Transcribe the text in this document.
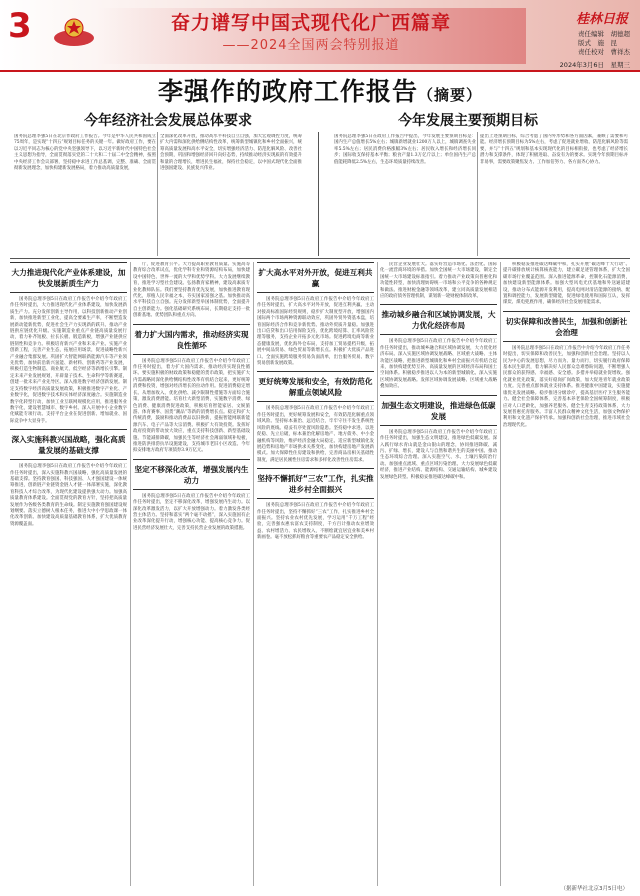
3	奋力谱写中国式现代化广西篇章
——2024全国两会特别报道
桂林日报
责任编辑　胡德超
版式　施　昆
责任校对　曹祥杰
2024年3月6日　星期三
李强作的政府工作报告（摘要）
今年经济社会发展总体要求	今年发展主要预期目标
国务院总理李强5日在北京作政府工作报告。今年是中华人民共和国成立75周年，是实现“十四五”规划目标任务的关键一年。做好政府工作，要在以习近平同志为核心的党中央坚强领导下，以习近平新时代中国特色社会主义思想为指导，全面贯彻落实党的二十大和二十届二中全会精神，按照中央经济工作会议部署，坚持稳中求进工作总基调，完整、准确、全面贯彻新发展理念，加快构建新发展格局，着力推动高质量发展，
全面深化改革开放，推动高水平科技自立自强，加大宏观调控力度，统筹扩大内需和深化供给侧结构性改革，统筹新型城镇化和乡村全面振兴，统筹高质量发展和高水平安全，切实增强经济活力、防范化解风险、改善社会预期，巩固和增强经济回升向好态势，持续推动经济实现质的有效提升和量的合理增长，增进民生福祉，保持社会稳定，以中国式现代化全面推进强国建设、民族复兴伟业。
国务院总理李强5日在政府工作报告中提出，今年发展主要预期目标是：国内生产总值增长5%左右；城镇新增就业1200万人以上，城镇调查失业率5.5%左右；居民消费价格涨幅3%左右；居民收入增长和经济增长同步；国际收支保持基本平衡；粮食产量1.3万亿斤以上；单位国内生产总值能耗降低2.5%左右，生态环境质量持续改善。
提出上述预期目标，综合考虑了国内外形势和各方面因素，兼顾了需要和可能。经济增长预期目标为5%左右，考虑了促进就业增收、防范化解风险等需要，并与“十四五”规划和基本实现现代化的目标相衔接，也考虑了经济增长潜力和支撑条件，体现了积极进取、奋发有为的要求。实现今年预期目标并非易事，需要政策聚焦发力、工作加倍努力、各方面齐心协力。
大力推进现代化产业体系建设，加快发展新质生产力
国务院总理李强5日在政府工作报告中介绍今年政府工作任务时提出，大力推进现代化产业体系建设，加快发展新质生产力。充分发挥创新主导作用，以科技创新推动产业创新，加快推进新型工业化，提高全要素生产率，不断塑造发展新动能新优势，促进社会生产力实现新的跃升。推动产业链供应链优化升级。实施制造业重点产业链高质量发展行动，着力补齐短板、拉长长板、锻造新板，增强产业链供应链韧性和竞争力。积极培育新兴产业和未来产业。实施产业创新工程，完善产业生态，拓展应用场景，促进战略性新兴产业融合集群发展。巩固扩大智能网联新能源汽车等产业领先优势，加快前沿新兴氢能、新材料、创新药等产业发展，积极打造生物制造、商业航天、低空经济等新增长引擎。制定未来产业发展规划，开辟量子技术、生命科学等新赛道，创建一批未来产业先导区。深入推进数字经济创新发展。制定支持数字经济高质量发展政策，积极推进数字产业化、产业数字化，促进数字技术和实体经济深度融合。实施制造业数字化转型行动，加快工业互联网规模化应用，推进服务业数字化，建设智慧城市、数字乡村。深入开展中小企业数字化赋能专项行动。支持平台企业在促进创新、增加就业、国际竞争中大显身手。
深入实施科教兴国战略，强化高质量发展的基础支撑
国务院总理李强5日在政府工作报告中介绍今年政府工作任务时提出，深入实施科教兴国战略，强化高质量发展的基础支撑。坚持教育强国、科技强国、人才强国建设一体统筹推进，创新链产业链资金链人才链一体部署实施，深化教育科技人才综合改革，为现代化建设提供强大动力。加强高质量教育体系建设。全面贯彻党的教育方针，坚持把高质量发展作为各级各类教育的生命线。制定实施教育强国建设规划纲要。落实立德树人根本任务，推进大中小学思政课一体化改革创新。加快建设高质量基础教育体系，扩大优质教育资源覆盖面。
厅，促进教育公平。大力提高职业教育质量。实施高等教育综合改革试点，优化学科专业和资源结构布局，加快建设中国特色、世界一流的大学和优势学科。大力发展继续教育，推进学习型社会建设。弘扬教育家精神，建设高素质专业化教师队伍。我们要坚持教育优先发展，加快推进教育现代化，厚植人民幸福之本，夯实国家富强之基。加快推动高水平科技自立自强。充分发挥新型举国体制优势，全面提升自主创新能力。强化基础研究系统布局，长期稳定支持一批创新基地、优势团队和重点方向。
着力扩大国内需求，推动经济实现良性循环
国务院总理李强5日在政府工作报告中介绍今年政府工作任务时提出，着力扩大国内需求，推动经济实现良性循环。要实施积极的财政政策和稳健的货币政策，把实施扩大内需战略同深化供给侧结构性改革有机结合起来，更好统筹消费和投资，增强对经济增长的拉动作用。促进消费稳定增长。从增加收入、优化供给、减少限制性措施等方面综合施策，激发消费潜能。培育壮大新型消费，实施数字消费、绿色消费、健康消费促进政策，积极培育智能家居、文娱旅游、体育赛事、国货“潮品”等新的消费增长点。稳定和扩大传统消费，鼓励和推动消费品以旧换新，提振智能网联新能源汽车、电子产品等大宗消费。积极扩大有效投资。发挥好政府投资的带动放大效应，重点支持科技创新、新型基础设施、节能减排降碳，加强民生等经济社会薄弱领域补短板，推进防洪排涝抗旱设施建设，支持城市老旧小区改造。今年拟安排地方政府专项债券3.9万亿元。
坚定不移深化改革，增强发展内生动力
国务院总理李强5日在政府工作报告中介绍今年政府工作任务时提出，坚定不移深化改革，增强发展内生动力。以深化改革激发活力，以扩大开放增强动力。着力激发各类经营主体活力。坚持和落实“两个毫不动摇”，深入实施国有企业改革深化提升行动，增强核心功能、提高核心竞争力。促进民营经济发展壮大，完善支持民营企业发展的政策措施。
扩大高水平对外开放，促进互利共赢
国务院总理李强5日在政府工作报告中介绍今年政府工作任务时提出，扩大高水平对外开放，促进互利共赢。主动对接高标准国际经贸规则，稳步扩大制度型开放，增强国内国际两个市场两种资源联动效应，巩固外贸外资基本盘，培育国际经济合作和竞争新优势。推动外贸质升量稳。加强进出口信贷和出口信用保险支持，优化跨境结算、汇率风险管理等服务，支持企业开拓多元化市场。促进跨境电商等新业态健康发展，优化海外仓布局，支持加工贸易提档升级，拓展中间品贸易、绿色贸易等新增长点。积极扩大优质产品进口。全面实施跨境服务贸易负面清单，出台服务贸易、数字贸易创新发展政策。
更好统筹发展和安全，有效防范化解重点领域风险
国务院总理李强5日在政府工作报告中介绍今年政府工作任务时提出，更好统筹发展和安全，有效防范化解重点领域风险。坚持标本兼治、远近结合，牢牢守住不发生系统性风险的底线。稳妥有序处置风险隐患。坚持稳中求进、以进促稳、先立后破，标本兼治化解房地产、地方债务、中小金融机构等风险，维护经济金融大局稳定。适应新型城镇化发展趋势和房地产市场供求关系变化，加快构建房地产发展新模式。加大保障性住房建设和供给，完善商品房相关基础性制度，满足居民刚性住房需求和多样化改善性住房需求。
坚持不懈抓好“三农”工作，扎实推进乡村全面振兴
国务院总理李强5日在政府工作报告中介绍今年政府工作任务时提出，坚持不懈抓好“三农”工作，扎实推进乡村全面振兴。坚持农业农村优先发展，学习运用“千万工程”经验，完善强农惠农富农支持制度，千方百计推动农业增效益、农村增活力、农民增收入，不断绘就宜居宜业和美乡村新画卷。毫不放松抓好粮食等重要农产品稳定安全供给。
民营企业发展壮大。落实好营造市场化、法治化、国际化一流营商环境的举措。加快全国统一大市场建设，制定全国统一大市场建设标准指引。着力推动产业政策向普惠化和功能性转型，加快清理妨碍统一市场和公平竞争的各种规定和做法。推进财税金融等领域改革，建立同高质量发展相适应的政府债务管理机制，谋划新一轮财税体制改革。
推动城乡融合和区域协调发展，大力优化经济布局
国务院总理李强5日在政府工作报告中介绍今年政府工作任务时提出，推动城乡融合和区域协调发展，大力优化经济布局。深入实施区域协调发展战略、区域重大战略、主体功能区战略，把推进新型城镇化和乡村全面振兴有机结合起来，加快构建优势互补、高质量发展的区域经济布局和国土空间体系。积极稳步推进以人为本的新型城镇化。深入实施区域协调发展战略。发挥区域协调发展战略、区域重大战略叠加效应。
加强生态文明建设，推进绿色低碳发展
国务院总理李强5日在政府工作报告中介绍今年政府工作任务时提出，加强生态文明建设，推进绿色低碳发展。深入践行绿水青山就是金山银山的理念，协同推进降碳、减污、扩绿、增长，建设人与自然和谐共生的美丽中国。推动生态环境综合治理。深入实施空气、水、土壤污染防治行动。加强重点流域、重点区域污染治理。大力发展绿色低碳经济，推进产业结构、能源结构、交通运输结构、城乡建设发展绿色转型。积极稳妥推进碳达峰碳中和。
积极稳妥推进碳达峰碳中和，扎实开展“碳达峰十大行动”。提升碳排放统计核算核查能力，建立碳足迹管理体系，扩大全国碳市场行业覆盖范围。深入推进能源革命，控制化石能源消费，加快建设新型能源体系。加强大型风电光伏基地和外送通道建设，推动分布式能源开发利用，提高电网对清洁能源的接纳、配置和调控能力，发展新型储能，促进绿电使用和国际互认，发挥煤炭、煤电兜底作用，确保经济社会发展用能需求。
切实保障和改善民生，加强和创新社会治理
国务院总理李强5日在政府工作报告中介绍今年政府工作任务时提出，切实保障和改善民生，加强和创新社会治理。坚持以人民为中心的发展思想，尽力而为、量力而行，切实履行政府保障基本民生职责，着力解决好人民群众急难愁盼问题，不断增强人民群众的获得感、幸福感、安全感。多措并举稳就业促增收。强化就业优先政策，落实好稳岗扩岗政策，加大促进青年就业政策力度。完善重点群体就业支持体系。推进健康中国建设，实施健康优先发展战略。稳步推进分级诊疗，提高基层医疗卫生服务能力。健全社会保障体系，完善基本养老保险全国统筹制度，积极应对人口老龄化，加强养老服务。健全生育支持政策体系，大力发展普惠托育服务。丰富人民群众精神文化生活，加强文物保护利用和文化遗产保护传承。加强和创新社会治理，推进市域社会治理现代化。
（据新华社北京3月5日电）
